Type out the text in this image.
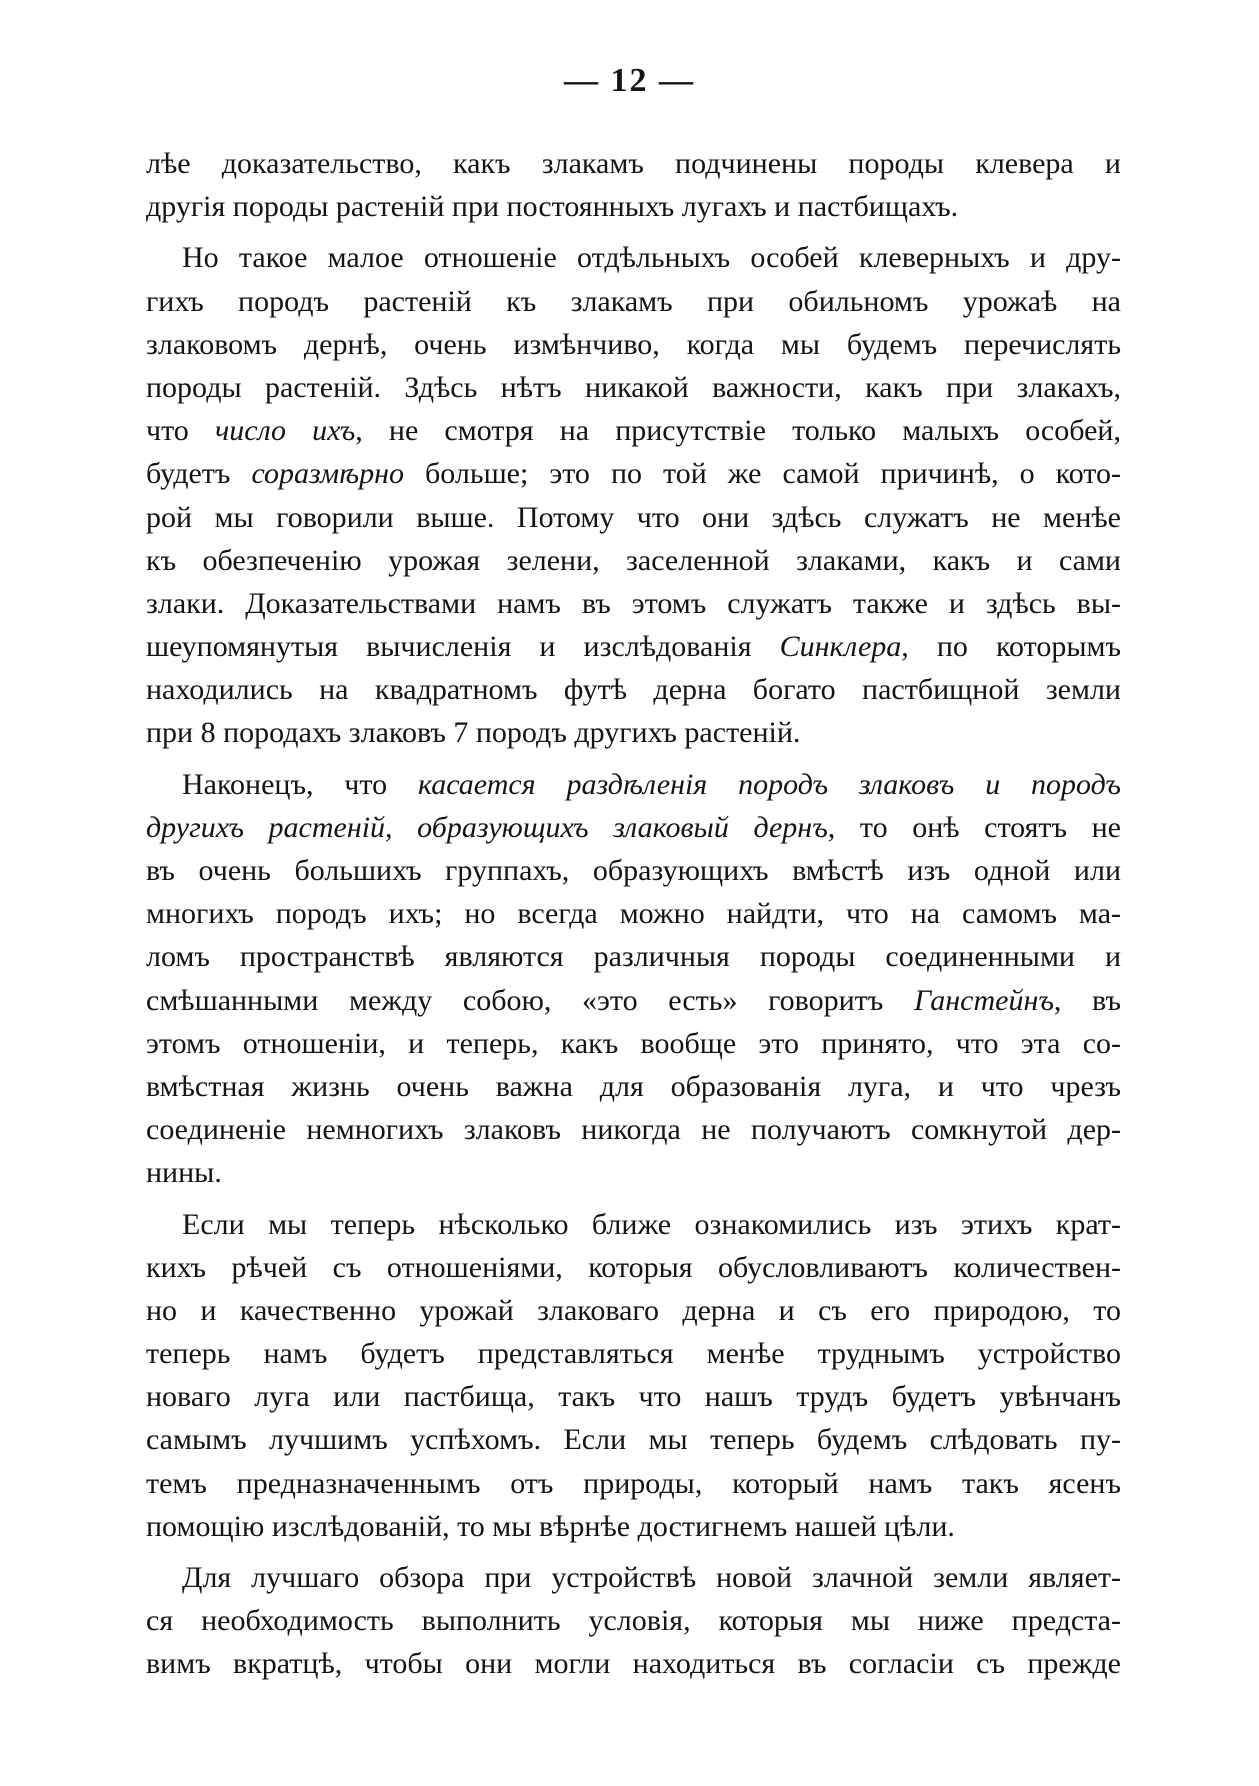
— 12 —
лѣе доказательство, какъ злакамъ подчинены породы клевера и
другія породы растеній при постоянныхъ лугахъ и пастбищахъ.
Но такое малое отношеніе отдѣльныхъ особей клеверныхъ и дру-
гихъ породъ растеній къ злакамъ при обильномъ урожаѣ на
злаковомъ дернѣ, очень измѣнчиво, когда мы будемъ перечислять
породы растеній. Здѣсь нѣтъ никакой важности, какъ при злакахъ,
что число ихъ, не смотря на присутствіе только малыхъ особей,
будетъ соразмѣрно больше; это по той же самой причинѣ, о кото-
рой мы говорили выше. Потому что они здѣсь служатъ не менѣе
къ обезпеченію урожая зелени, заселенной злаками, какъ и сами
злаки. Доказательствами намъ въ этомъ служатъ также и здѣсь вы-
шеупомянутыя вычисленія и изслѣдованія Синклера, по которымъ
находились на квадратномъ футѣ дерна богато пастбищной земли
при 8 породахъ злаковъ 7 породъ другихъ растеній.
Наконецъ, что касается раздѣленія породъ злаковъ и породъ
другихъ растеній, образующихъ злаковый дернъ, то онѣ стоятъ не
въ очень большихъ группахъ, образующихъ вмѣстѣ изъ одной или
многихъ породъ ихъ; но всегда можно найдти, что на самомъ ма-
ломъ пространствѣ являются различныя породы соединенными и
смѣшанными между собою, «это есть» говоритъ Ганстейнъ, въ
этомъ отношеніи, и теперь, какъ вообще это принято, что эта со-
вмѣстная жизнь очень важна для образованія луга, и что чрезъ
соединеніе немногихъ злаковъ никогда не получаютъ сомкнутой дер-
нины.
Если мы теперь нѣсколько ближе ознакомились изъ этихъ крат-
кихъ рѣчей съ отношеніями, которыя обусловливаютъ количествен-
но и качественно урожай злаковаго дерна и съ его природою, то
теперь намъ будетъ представляться менѣе труднымъ устройство
новаго луга или пастбища, такъ что нашъ трудъ будетъ увѣнчанъ
самымъ лучшимъ успѣхомъ. Если мы теперь будемъ слѣдовать пу-
темъ предназначеннымъ отъ природы, который намъ такъ ясенъ
помощію изслѣдованій, то мы вѣрнѣе достигнемъ нашей цѣли.
Для лучшаго обзора при устройствѣ новой злачной земли являет-
ся необходимость выполнить условія, которыя мы ниже предста-
вимъ вкратцѣ, чтобы они могли находиться въ согласіи съ прежде
